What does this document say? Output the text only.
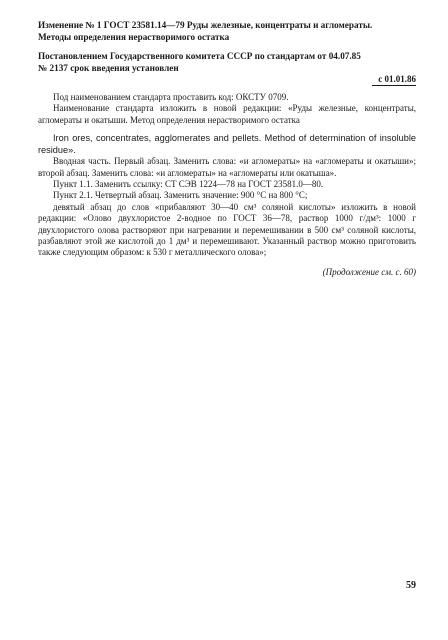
Изменение № 1 ГОСТ 23581.14—79 Руды железные, концентраты и агломераты.
Методы определения нерастворимого остатка
Постановлением Государственного комитета СССР по стандартам от 04.07.85
№ 2137 срок введения установлен
с 01.01.86

Под наименованием стандарта проставить код: ОКСТУ 0709.

Наименование стандарта изложить в новой редакции: «Руды железные, концентраты, агломераты и окатыши. Метод определения нерастворимого остатка

Iron ores, concentrates, agglomerates and pellets. Method of determination of insoluble residue».

Вводная часть. Первый абзац. Заменить слова: «и агломераты» на «агломераты и окатыши»; второй абзац. Заменить слова: «и агломераты» на «агломераты или окатыша».

Пункт 1.1. Заменить ссылку: СТ СЭВ 1224—78 на ГОСТ 23581.0—80.

Пункт 2.1. Четвертый абзац. Заменить значение: 900 °С на 800 °С;

девятый абзац до слов «прибавляют 30—40 см³ соляной кислоты» изложить в новой редакции: «Олово двухлористое 2-водное по ГОСТ 36—78, раствор 1000 г/дм³: 1000 г двухлористого олова растворяют при нагревании и перемешивании в 500 см³ соляной кислоты, разбавляют этой же кислотой до 1 дм³ и перемешивают. Указанный раствор можно приготовить также следующим образом: к 530 г металлического олова»;

(Продолжение см. с. 60)
59
